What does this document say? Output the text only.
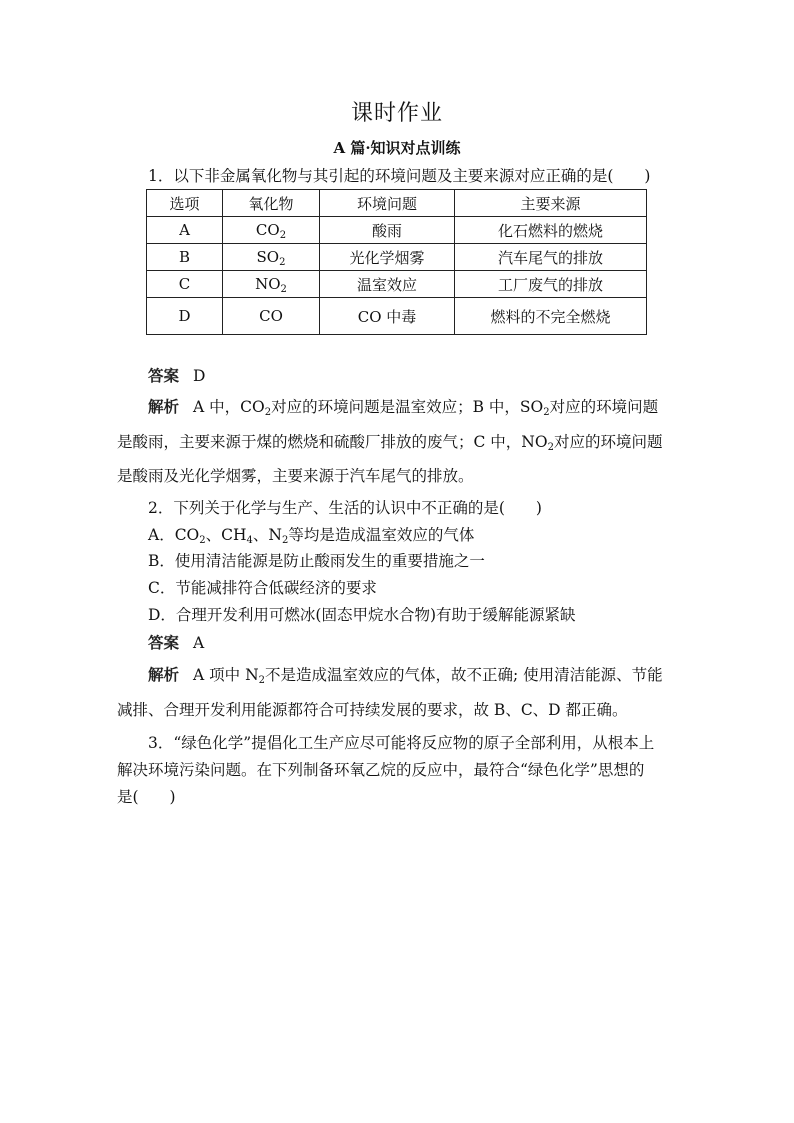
课时作业
A 篇·知识对点训练
1．以下非金属氧化物与其引起的环境问题及主要来源对应正确的是(　　)
选项	氧化物	环境问题	主要来源
A	$CO_2$	酸雨	化石燃料的燃烧
B	$SO_2$	光化学烟雾	汽车尾气的排放
C	$NO_2$	温室效应	工厂废气的排放
D	CO	CO 中毒	燃料的不完全燃烧
答案 D
解析 A 中，$CO_2$对应的环境问题是温室效应；B 中，$SO_2$对应的环境问题
是酸雨，主要来源于煤的燃烧和硫酸厂排放的废气；C 中，$NO_2$对应的环境问题
是酸雨及光化学烟雾，主要来源于汽车尾气的排放。
2．下列关于化学与生产、生活的认识中不正确的是(　　)
A．$CO_2$、$CH_4$、$N_2$等均是造成温室效应的气体
B．使用清洁能源是防止酸雨发生的重要措施之一
C．节能减排符合低碳经济的要求
D．合理开发利用可燃冰(固态甲烷水合物)有助于缓解能源紧缺
答案 A
解析 A 项中 $N_2$不是造成温室效应的气体，故不正确; 使用清洁能源、节能
减排、合理开发利用能源都符合可持续发展的要求，故 B、C、D 都正确。
3．“绿色化学”提倡化工生产应尽可能将反应物的原子全部利用，从根本上
解决环境污染问题。在下列制备环氧乙烷的反应中，最符合“绿色化学”思想的
是(　　)
